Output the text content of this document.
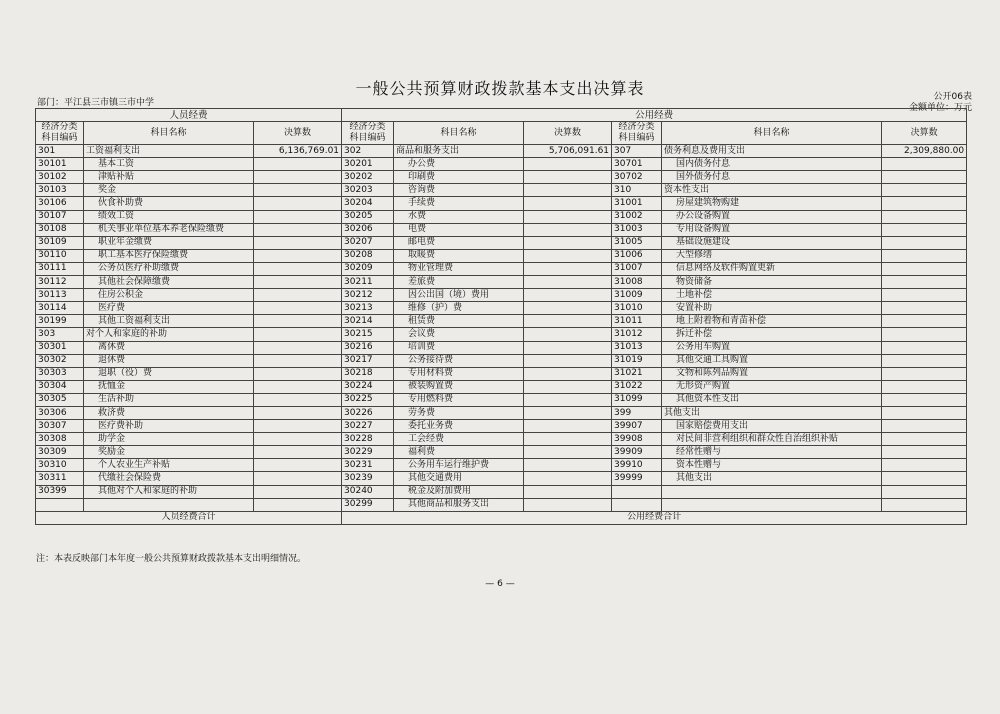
一般公共预算财政拨款基本支出决算表
部门：平江县三市镇三市中学
公开06表
金额单位：万元
人员经费			公用经费					
经济分类
科目编码	科目名称	决算数	经济分类
科目编码	科目名称	决算数	经济分类
科目编码	科目名称	决算数
301	工资福利支出	6,136,769.01	302	商品和服务支出	5,706,091.61	307	债务利息及费用支出	2,309,880.00
30101	基本工资		30201	办公费		30701	国内债务付息	
30102	津贴补贴		30202	印刷费		30702	国外债务付息	
30103	奖金		30203	咨询费		310	资本性支出	
30106	伙食补助费		30204	手续费		31001	房屋建筑物购建	
30107	绩效工资		30205	水费		31002	办公设备购置	
30108	机关事业单位基本养老保险缴费		30206	电费		31003	专用设备购置	
30109	职业年金缴费		30207	邮电费		31005	基础设施建设	
30110	职工基本医疗保险缴费		30208	取暖费		31006	大型修缮	
30111	公务员医疗补助缴费		30209	物业管理费		31007	信息网络及软件购置更新	
30112	其他社会保障缴费		30211	差旅费		31008	物资储备	
30113	住房公积金		30212	因公出国（境）费用		31009	土地补偿	
30114	医疗费		30213	维修（护）费		31010	安置补助	
30199	其他工资福利支出		30214	租赁费		31011	地上附着物和青苗补偿	
303	对个人和家庭的补助		30215	会议费		31012	拆迁补偿	
30301	离休费		30216	培训费		31013	公务用车购置	
30302	退休费		30217	公务接待费		31019	其他交通工具购置	
30303	退职（役）费		30218	专用材料费		31021	文物和陈列品购置	
30304	抚恤金		30224	被装购置费		31022	无形资产购置	
30305	生活补助		30225	专用燃料费		31099	其他资本性支出	
30306	救济费		30226	劳务费		399	其他支出	
30307	医疗费补助		30227	委托业务费		39907	国家赔偿费用支出	
30308	助学金		30228	工会经费		39908	对民间非营利组织和群众性自治组织补贴	
30309	奖励金		30229	福利费		39909	经常性赠与	
30310	个人农业生产补贴		30231	公务用车运行维护费		39910	资本性赠与	
30311	代缴社会保险费		30239	其他交通费用		39999	其他支出	
30399	其他对个人和家庭的补助		30240	税金及附加费用				
			30299	其他商品和服务支出				
人员经费合计			公用经费合计					
注：本表反映部门本年度一般公共预算财政拨款基本支出明细情况。
— 6 —
